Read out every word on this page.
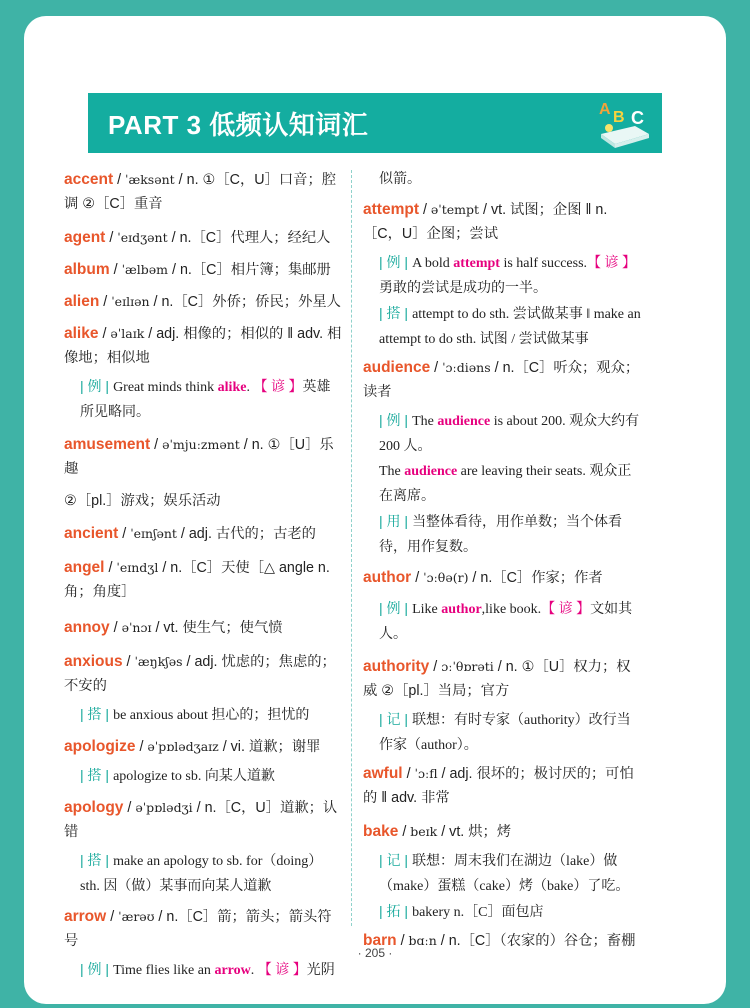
PART 3 低频认知词汇
A B C
accent / ˈæksənt / n. ①［C，U］口音；腔调 ②［C］重音
agent / ˈeɪdʒənt / n.［C］代理人；经纪人
album / ˈælbəm / n.［C］相片簿；集邮册
alien / ˈeɪlɪən / n.［C］外侨；侨民；外星人
alike / əˈlaɪk / adj. 相像的；相似的 ‖ adv. 相像地；相似地
| 例 | Great minds think alike. 【 谚 】英雄所见略同。
amusement / əˈmjuːzmənt / n. ①［U］乐趣
②［pl.］游戏；娱乐活动
ancient / ˈeɪnʃənt / adj. 古代的；古老的
angel / ˈeɪndʒl / n.［C］天使［△ angle n. 角；角度］
annoy / əˈnɔɪ / vt. 使生气；使气愤
anxious / ˈæŋkʃəs / adj. 忧虑的；焦虑的；不安的
| 搭 | be anxious about 担心的；担忧的
apologize / əˈpɒlədʒaɪz / vi. 道歉；谢罪
| 搭 | apologize to sb. 向某人道歉
apology / əˈpɒlədʒi / n.［C，U］道歉；认错
| 搭 | make an apology to sb. for（doing）sth. 因（做）某事而向某人道歉
arrow / ˈærəʊ / n.［C］箭；箭头；箭头符号
| 例 | Time flies like an arrow. 【 谚 】光阴
似箭。
attempt / əˈtempt / vt. 试图；企图 ‖ n.［C，U］企图；尝试
| 例 | A bold attempt is half success.【 谚 】勇敢的尝试是成功的一半。
| 搭 | attempt to do sth. 尝试做某事 ‖ make an attempt to do sth. 试图 / 尝试做某事
audience / ˈɔːdiəns / n.［C］听众；观众；读者
| 例 | The audience is about 200. 观众大约有 200 人。
The audience are leaving their seats. 观众正在离席。
| 用 | 当整体看待，用作单数；当个体看待，用作复数。
author / ˈɔːθə(r) / n.［C］作家；作者
| 例 | Like author,like book.【 谚 】文如其人。
authority / ɔːˈθɒrəti / n. ①［U］权力；权威 ②［pl.］当局；官方
| 记 | 联想：有时专家（authority）改行当作家（author）。
awful / ˈɔːfl / adj. 很坏的；极讨厌的；可怕的 ‖ adv. 非常
bake / beɪk / vt. 烘；烤
| 记 | 联想：周末我们在湖边（lake）做（make）蛋糕（cake）烤（bake）了吃。
| 拓 | bakery n.［C］面包店
barn / bɑːn / n.［C］（农家的）谷仓；畜棚
· 205 ·
